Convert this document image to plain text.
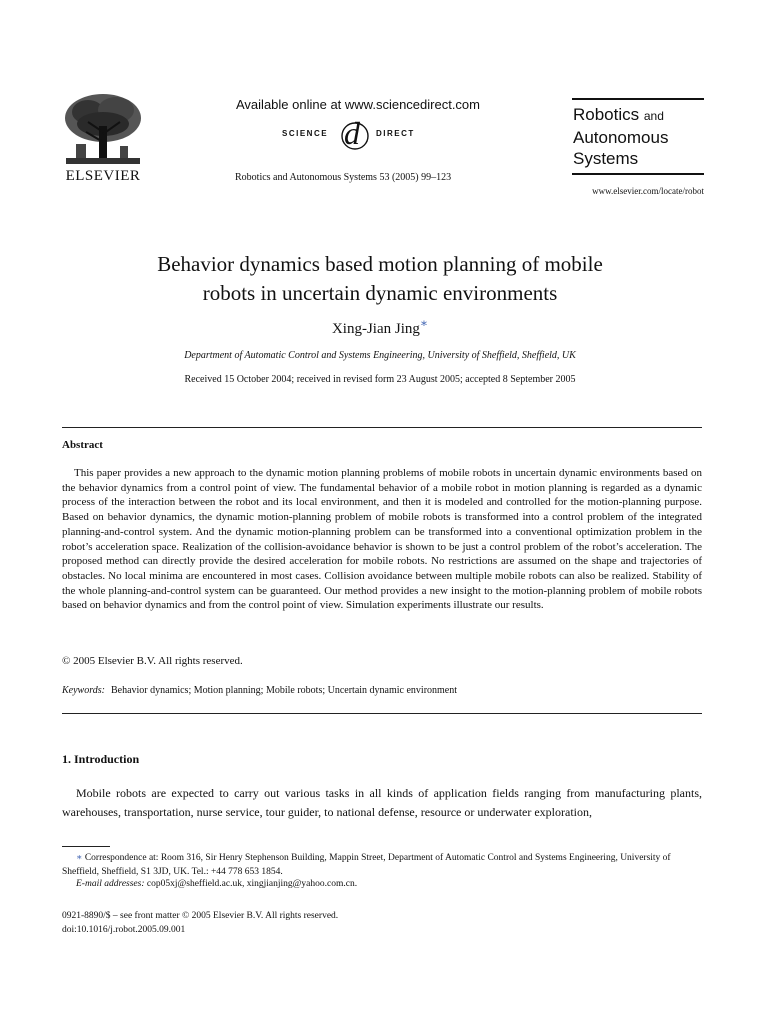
ELSEVIER
Available online at www.sciencedirect.com
SCIENCE d DIRECT
Robotics and Autonomous Systems 53 (2005) 99–123
Robotics and
Autonomous
Systems
www.elsevier.com/locate/robot
Behavior dynamics based motion planning of mobile
robots in uncertain dynamic environments
Xing-Jian Jing∗
Department of Automatic Control and Systems Engineering, University of Sheffield, Sheffield, UK
Received 15 October 2004; received in revised form 23 August 2005; accepted 8 September 2005
Abstract
This paper provides a new approach to the dynamic motion planning problems of mobile robots in uncertain dynamic environments based on the behavior dynamics from a control point of view. The fundamental behavior of a mobile robot in motion planning is regarded as a dynamic process of the interaction between the robot and its local environment, and then it is modeled and controlled for the motion-planning purpose. Based on behavior dynamics, the dynamic motion-planning problem of mobile robots is transformed into a control problem of the integrated planning-and-control system. And the dynamic motion-planning problem can be transformed into a conventional optimization problem in the robot’s acceleration space. Realization of the collision-avoidance behavior is shown to be just a control problem of the robot’s acceleration. The proposed method can directly provide the desired acceleration for mobile robots. No restrictions are assumed on the shape and trajectories of obstacles. No local minima are encountered in most cases. Collision avoidance between multiple mobile robots can also be realized. Stability of the whole planning-and-control system can be guaranteed. Our method provides a new insight to the motion-planning problem of mobile robots based on behavior dynamics and from the control point of view. Simulation experiments illustrate our results.
© 2005 Elsevier B.V. All rights reserved.
Keywords: Behavior dynamics; Motion planning; Mobile robots; Uncertain dynamic environment
1. Introduction
Mobile robots are expected to carry out various tasks in all kinds of application fields ranging from manufacturing plants, warehouses, transportation, nurse service, tour guider, to national defense, resource or underwater exploration,
∗ Correspondence at: Room 316, Sir Henry Stephenson Building, Mappin Street, Department of Automatic Control and Systems Engineering, University of Sheffield, Sheffield, S1 3JD, UK. Tel.: +44 778 653 1854.
E-mail addresses: cop05xj@sheffield.ac.uk, xingjianjing@yahoo.com.cn.
0921-8890/$ – see front matter © 2005 Elsevier B.V. All rights reserved.
doi:10.1016/j.robot.2005.09.001
